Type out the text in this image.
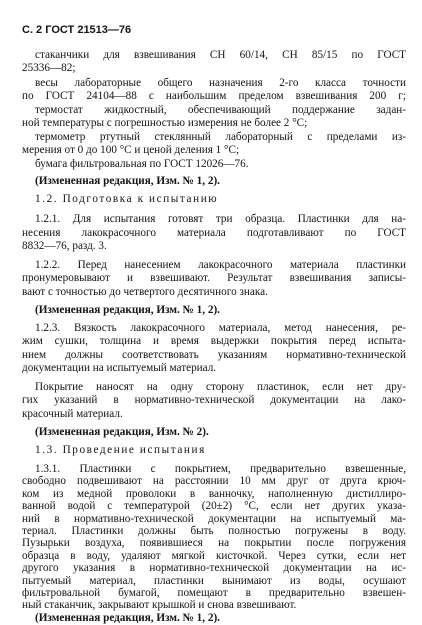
С. 2 ГОСТ 21513—76
стаканчики для взвешивания СН 60/14, СН 85/15 по ГОСТ
25336—82;
весы лабораторные общего назначения 2-го класса точности
по ГОСТ 24104—88 с наибольшим пределом взвешивания 200 г;
термостат жидкостный, обеспечивающий поддержание задан-
ной температуры с погрешностью измерения не более 2 °С;
термометр ртутный стеклянный лабораторный с пределами из-
мерения от 0 до 100 °С и ценой деления 1 °С;
бумага фильтровальная по ГОСТ 12026—76.
(Измененная редакция, Изм. № 1, 2).
1.2. Подготовка к испытанию
1.2.1. Для испытания готовят три образца. Пластинки для на-
несения лакокрасочного материала подготавливают по ГОСТ
8832—76, разд. 3.
1.2.2. Перед нанесением лакокрасочного материала пластинки
пронумеровывают и взвешивают. Результат взвешивания записы-
вают с точностью до четвертого десятичного знака.
(Измененная редакция, Изм. № 1, 2).
1.2.3. Вязкость лакокрасочного материала, метод нанесения, ре-
жим сушки, толщина и время выдержки покрытия перед испыта-
нием должны соответствовать указаниям нормативно-технической
документации на испытуемый материал.
Покрытие наносят на одну сторону пластинок, если нет дру-
гих указаний в нормативно-технической документации на лако-
красочный материал.
(Измененная редакция, Изм. № 2).
1.3. Проведение испытания
1.3.1. Пластинки с покрытием, предварительно взвешенные,
свободно подвешивают на расстоянии 10 мм друг от друга крюч-
ком из медной проволоки в ванночку, наполненную дистиллиро-
ванной водой с температурой (20±2) °С, если нет других указа-
ний в нормативно-технической документации на испытуемый ма-
териал. Пластинки должны быть полностью погружены в воду.
Пузырьки воздуха, появившиеся на покрытии после погружения
образца в воду, удаляют мягкой кисточкой. Через сутки, если нет
другого указания в нормативно-технической документации на ис-
пытуемый материал, пластинки вынимают из воды, осушают
фильтровальной бумагой, помещают в предварительно взвешен-
ный стаканчик, закрывают крышкой и снова взвешивают.
(Измененная редакция, Изм. № 1, 2).
